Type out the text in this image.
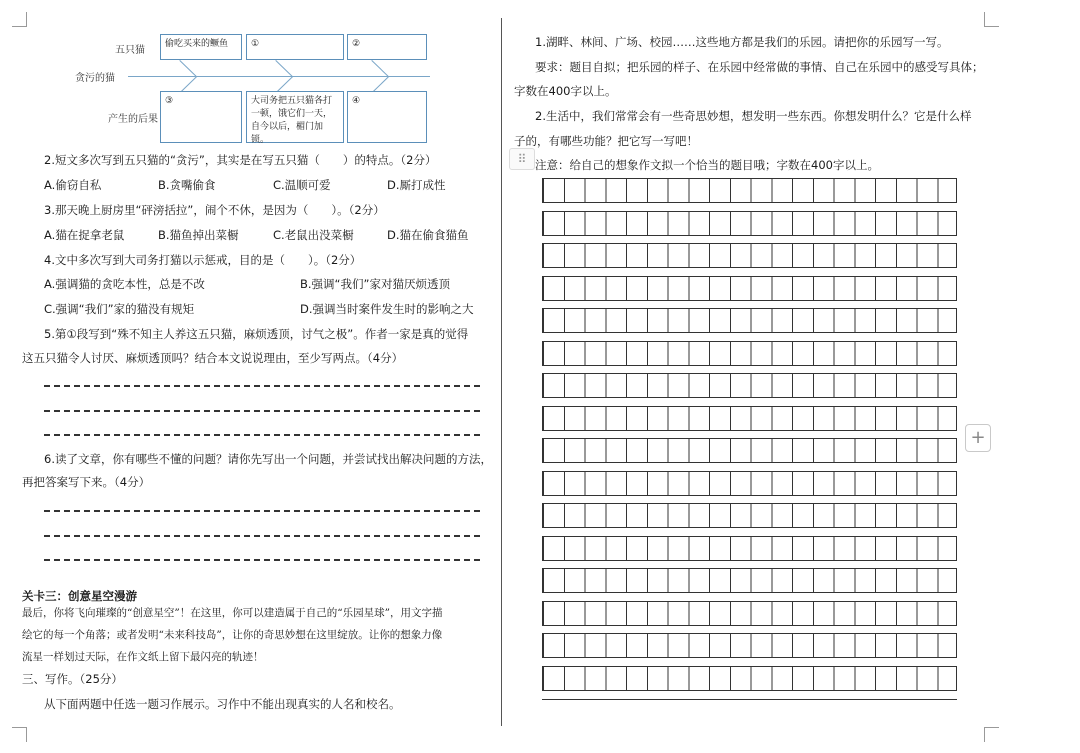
五只猫
偷吃买来的鳜鱼	①	②
贪污的猫
产生的后果
③	大司务把五只猫各打
一顿，饿它们一天，
自今以后，楣门加锁。
④
2.短文多次写到五只猫的“贪污”，其实是在写五只猫（　　）的特点。（2分）
A.偷窃自私	B.贪嘴偷食	C.温顺可爱	D.厮打成性
3.那天晚上厨房里“砰滂括拉”，闹个不休，是因为（　　）。（2分）
A.猫在捉拿老鼠	B.猫鱼掉出菜橱	C.老鼠出没菜橱	D.猫在偷食猫鱼
4.文中多次写到大司务打猫以示惩戒，目的是（　　）。（2分）
A.强调猫的贪吃本性，总是不改	B.强调“我们”家对猫厌烦透顶
C.强调“我们”家的猫没有规矩	D.强调当时案件发生时的影响之大
5.第①段写到“殊不知主人养这五只猫，麻烦透顶，讨气之极”。作者一家是真的觉得
这五只猫令人讨厌、麻烦透顶吗？结合本文说说理由，至少写两点。（4分）
6.读了文章，你有哪些不懂的问题？请你先写出一个问题，并尝试找出解决问题的方法，
再把答案写下来。（4分）
关卡三：创意星空漫游
最后，你将飞向璀璨的“创意星空”！在这里，你可以建造属于自己的“乐园星球”，用文字描
绘它的每一个角落；或者发明“未来科技岛”，让你的奇思妙想在这里绽放。让你的想象力像
流星一样划过天际，在作文纸上留下最闪亮的轨迹！
三、写作。（25分）
从下面两题中任选一题习作展示。习作中不能出现真实的人名和校名。
1.湖畔、林间、广场、校园……这些地方都是我们的乐园。请把你的乐园写一写。
要求：题目自拟；把乐园的样子、在乐园中经常做的事情、自己在乐园中的感受写具体；
字数在400字以上。
2.生活中，我们常常会有一些奇思妙想，想发明一些东西。你想发明什么？它是什么样
子的，有哪些功能？把它写一写吧！
⠿ 注意：给自己的想象作文拟一个恰当的题目哦；字数在400字以上。
+
